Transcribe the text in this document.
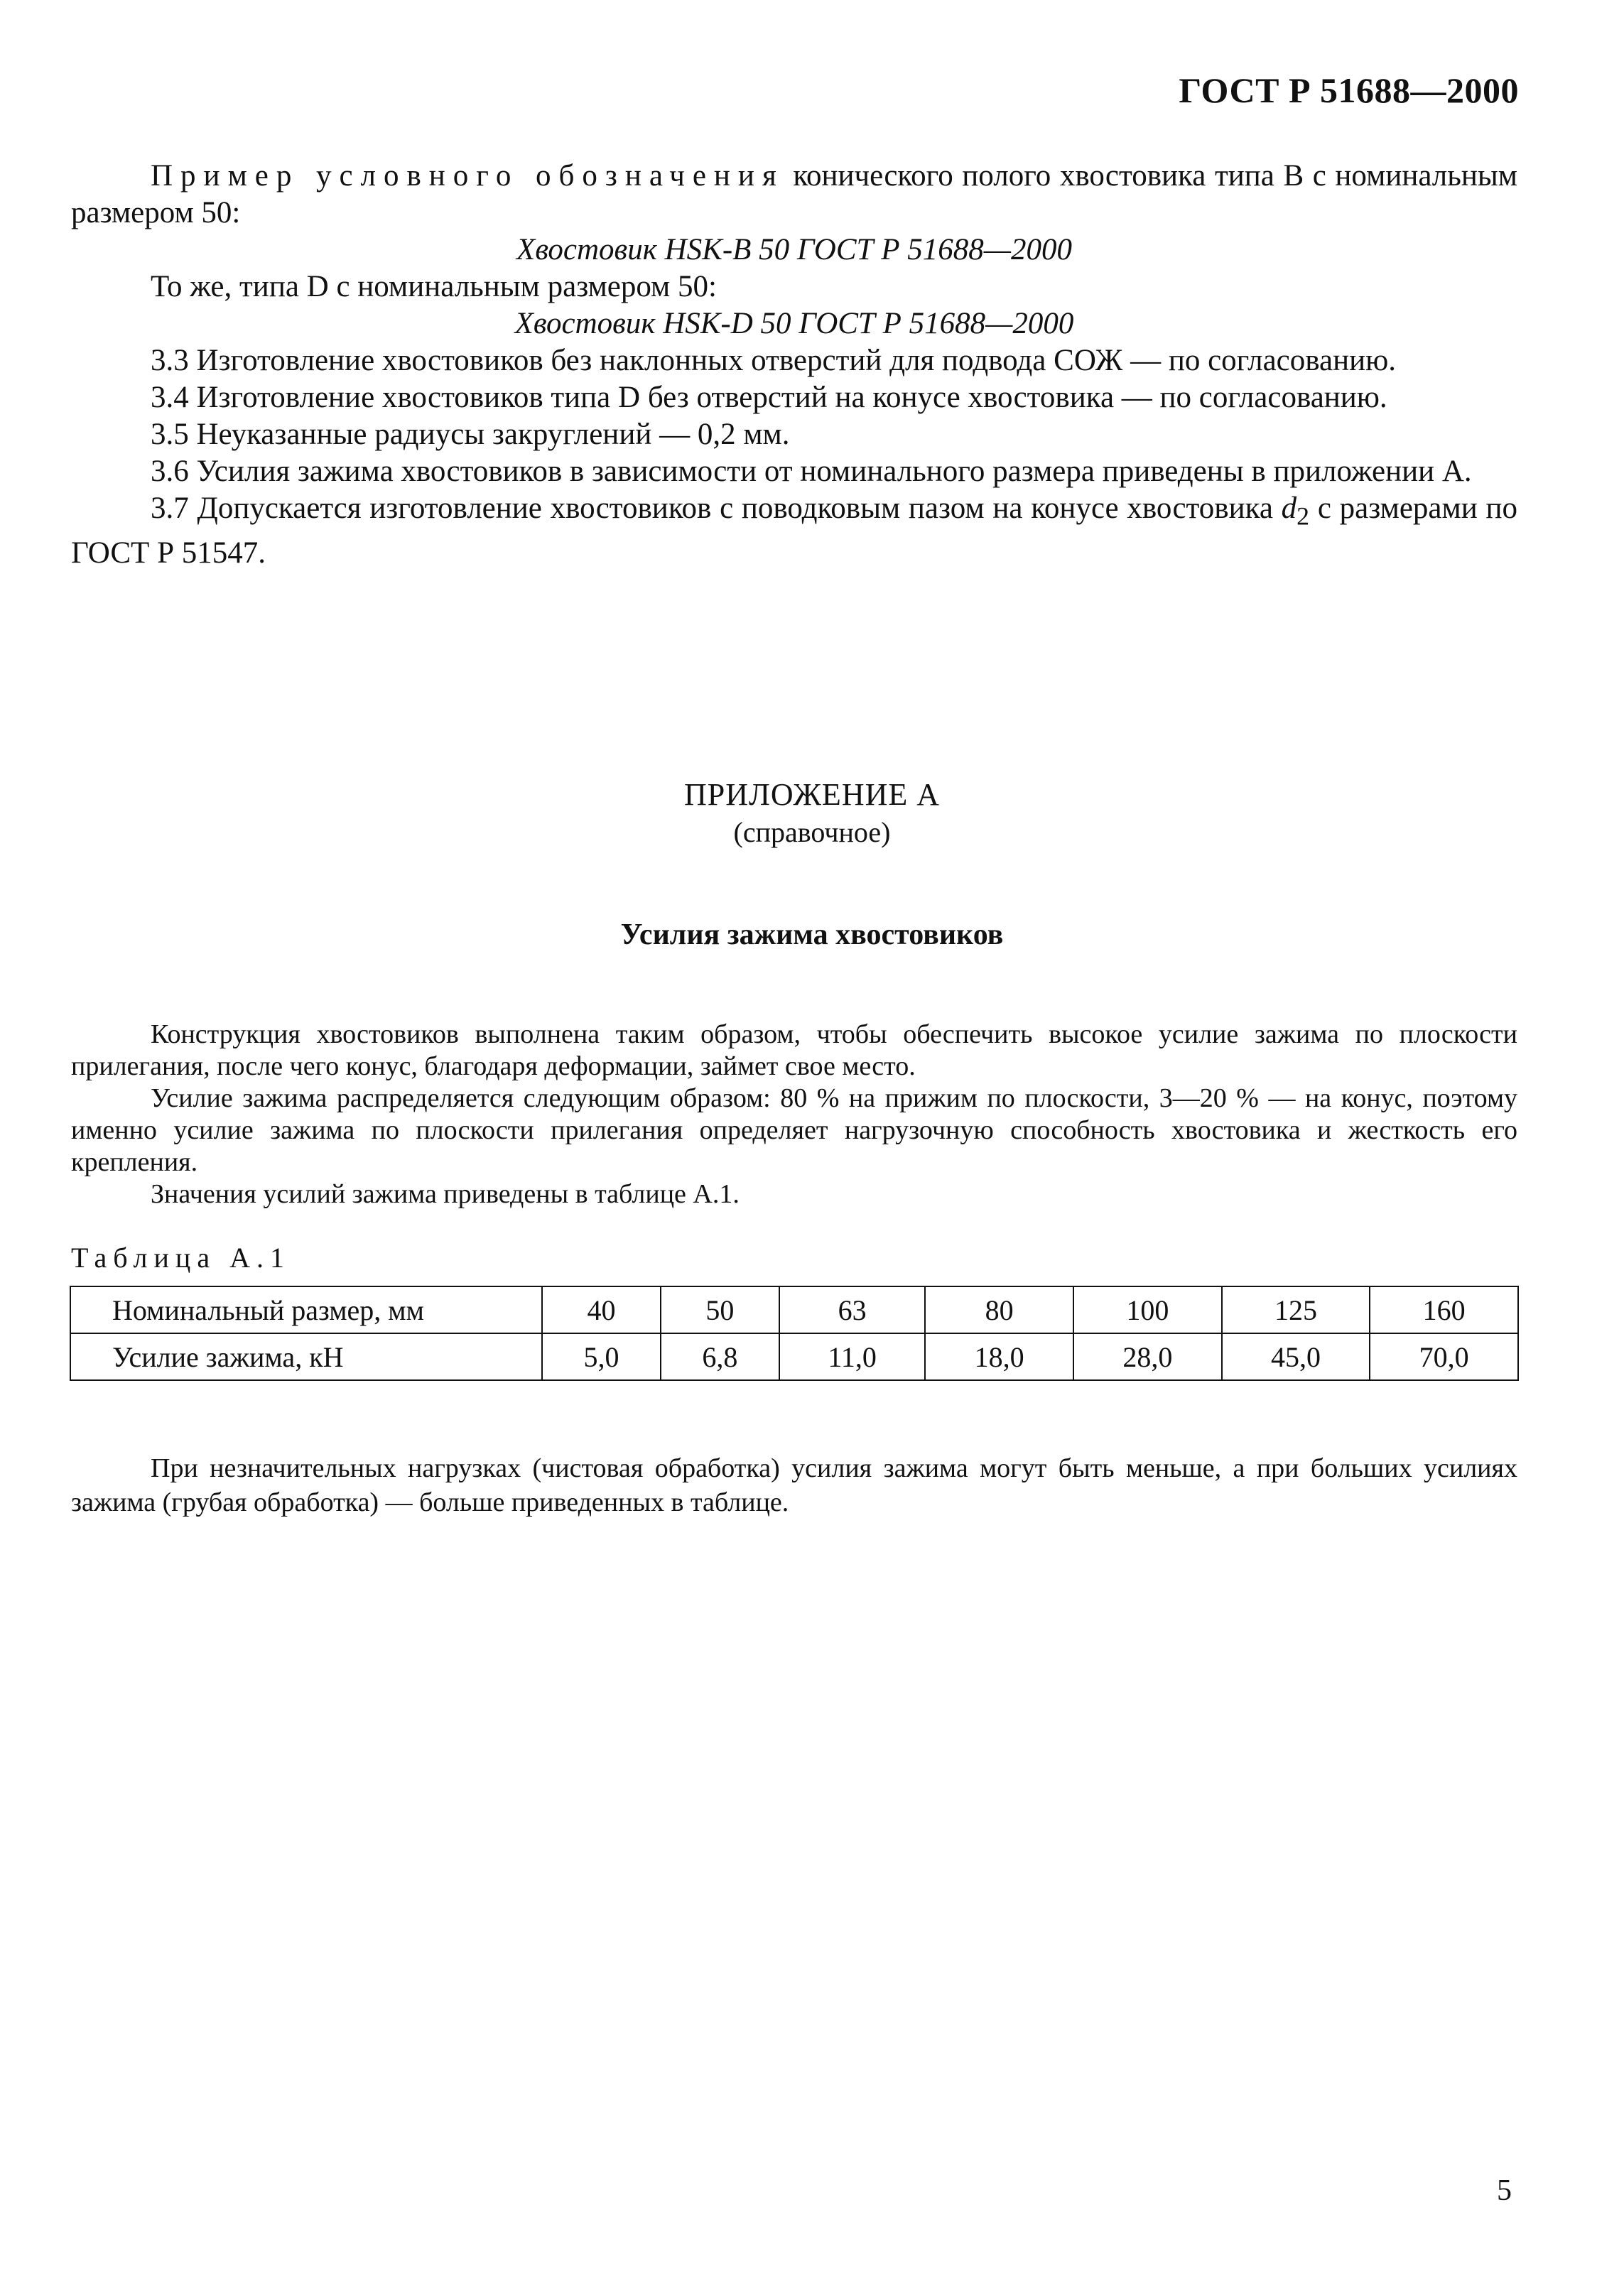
ГОСТ Р 51688—2000

Пример условного обозначения конического полого хвостовика типа В с номинальным размером 50:

Хвостовик HSK-B 50 ГОСТ Р 51688—2000

То же, типа D с номинальным размером 50:

Хвостовик HSK-D 50 ГОСТ Р 51688—2000

3.3 Изготовление хвостовиков без наклонных отверстий для подвода СОЖ — по согласованию.

3.4 Изготовление хвостовиков типа D без отверстий на конусе хвостовика — по согласованию.

3.5 Неуказанные радиусы закруглений — 0,2 мм.

3.6 Усилия зажима хвостовиков в зависимости от номинального размера приведены в приложении А.

3.7 Допускается изготовление хвостовиков с поводковым пазом на конусе хвостовика $d_2$ с размерами по ГОСТ Р 51547.

ПРИЛОЖЕНИЕ А
(справочное)
Усилия зажима хвостовиков

Конструкция хвостовиков выполнена таким образом, чтобы обеспечить высокое усилие зажима по плоскости прилегания, после чего конус, благодаря деформации, займет свое место.

Усилие зажима распределяется следующим образом: 80 % на прижим по плоскости, 3—20 % — на конус, поэтому именно усилие зажима по плоскости прилегания определяет нагрузочную способность хвостовика и жесткость его крепления.

Значения усилий зажима приведены в таблице А.1.

Таблица А.1
Номинальный размер, мм	40	50	63	80	100	125	160
Усилие зажима, кН	5,0	6,8	11,0	18,0	28,0	45,0	70,0

При незначительных нагрузках (чистовая обработка) усилия зажима могут быть меньше, а при больших усилиях зажима (грубая обработка) — больше приведенных в таблице.

5
